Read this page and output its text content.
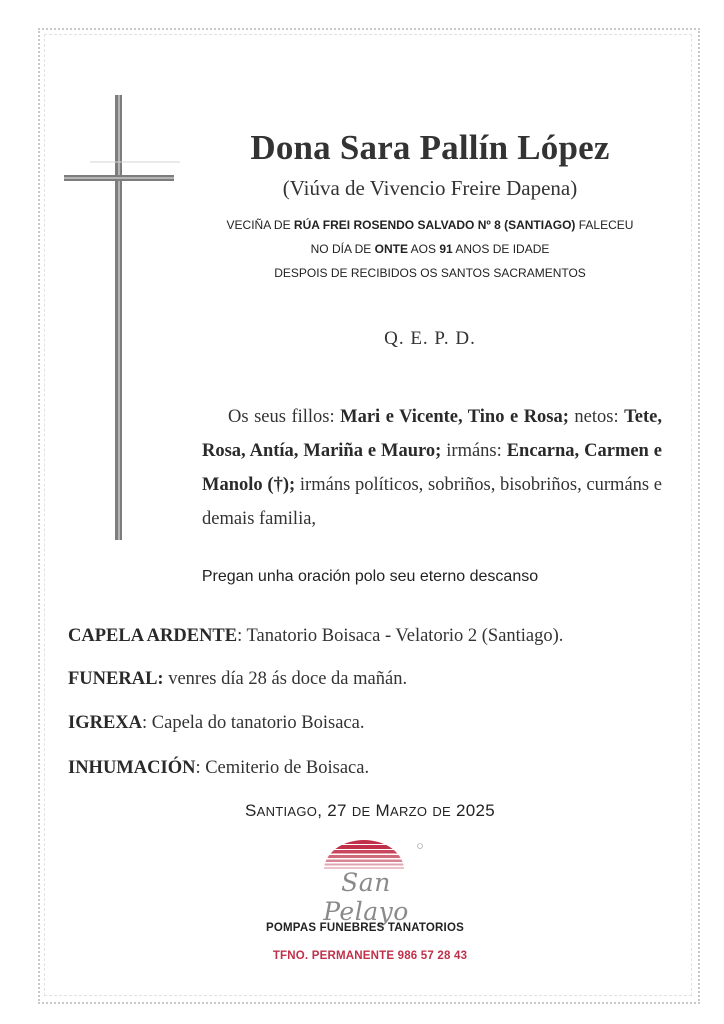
Dona Sara Pallín López
(Viúva de Vivencio Freire Dapena)
VECIÑA DE RÚA FREI ROSENDO SALVADO Nº 8 (SANTIAGO) FALECEU
NO DÍA DE ONTE AOS 91 ANOS DE IDADE
DESPOIS DE RECIBIDOS OS SANTOS SACRAMENTOS
Q. E. P. D.
Os seus fillos: Mari e Vicente, Tino e Rosa; netos: Tete, Rosa, Antía, Mariña e Mauro; irmáns: Encarna, Carmen e Manolo (†); irmáns políticos, sobriños, bisobriños, curmáns e demais familia,
Pregan unha oración polo seu eterno descanso
CAPELA ARDENTE: Tanatorio Boisaca - Velatorio 2 (Santiago).
FUNERAL: venres día 28 ás doce da mañán.
IGREXA: Capela do tanatorio Boisaca.
INHUMACIÓN: Cemiterio de Boisaca.
SANTIAGO, 27 DE MARZO DE 2025
San Pelayo
POMPAS FUNEBRES TANATORIOS
TFNO. PERMANENTE 986 57 28 43
